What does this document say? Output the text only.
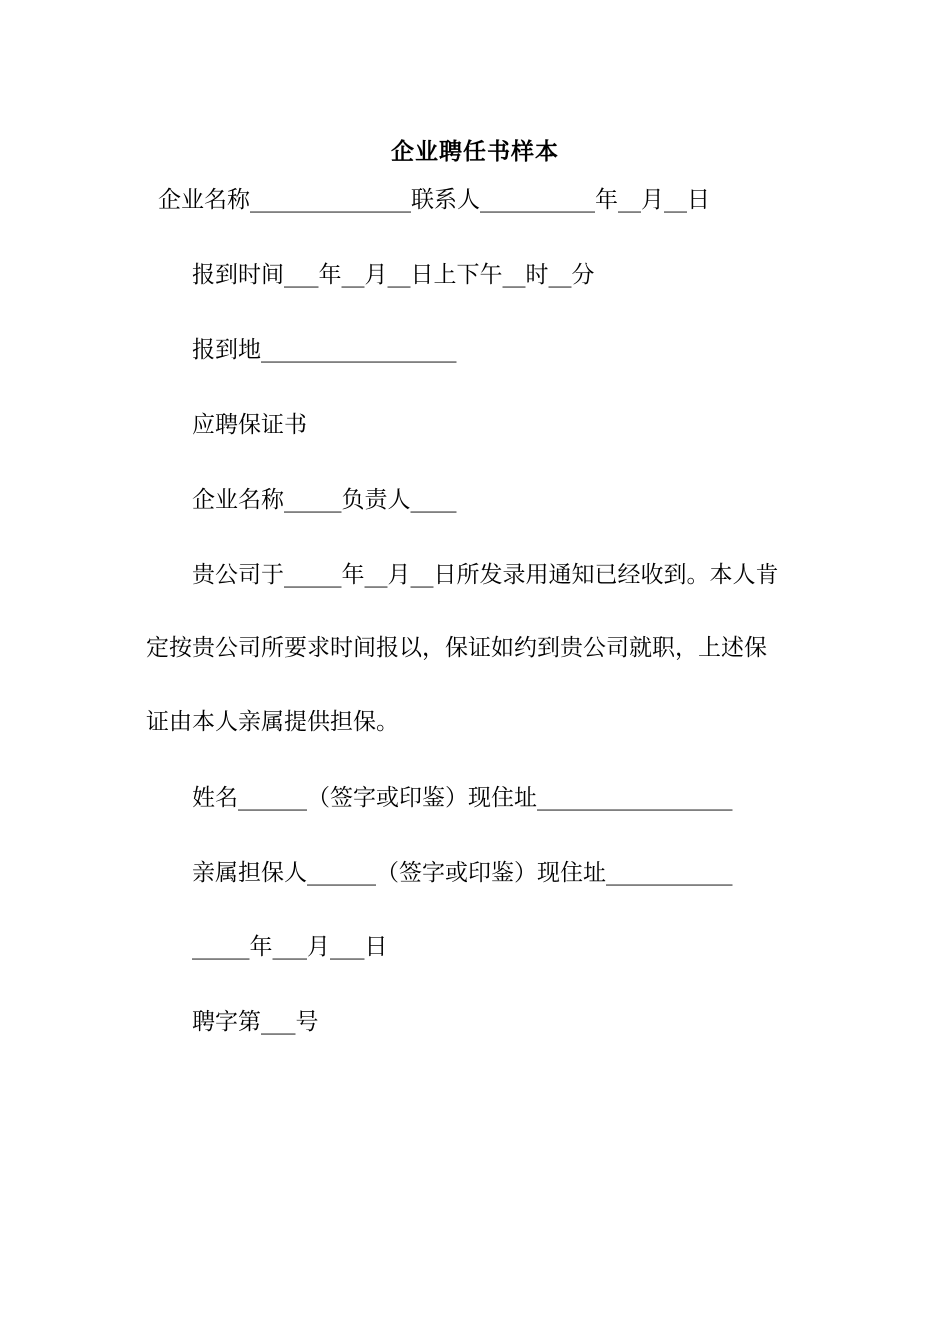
企业聘任书样本
企业名称______________联系人__________年__月__日
报到时间___年__月__日上下午__时__分
报到地_________________
应聘保证书
企业名称_____负责人____
贵公司于_____年__月__日所发录用通知已经收到。本人肯
定按贵公司所要求时间报以，保证如约到贵公司就职，上述保
证由本人亲属提供担保。
姓名______（签字或印鉴）现住址_________________
亲属担保人______（签字或印鉴）现住址___________
_____年___月___日
聘字第___号
